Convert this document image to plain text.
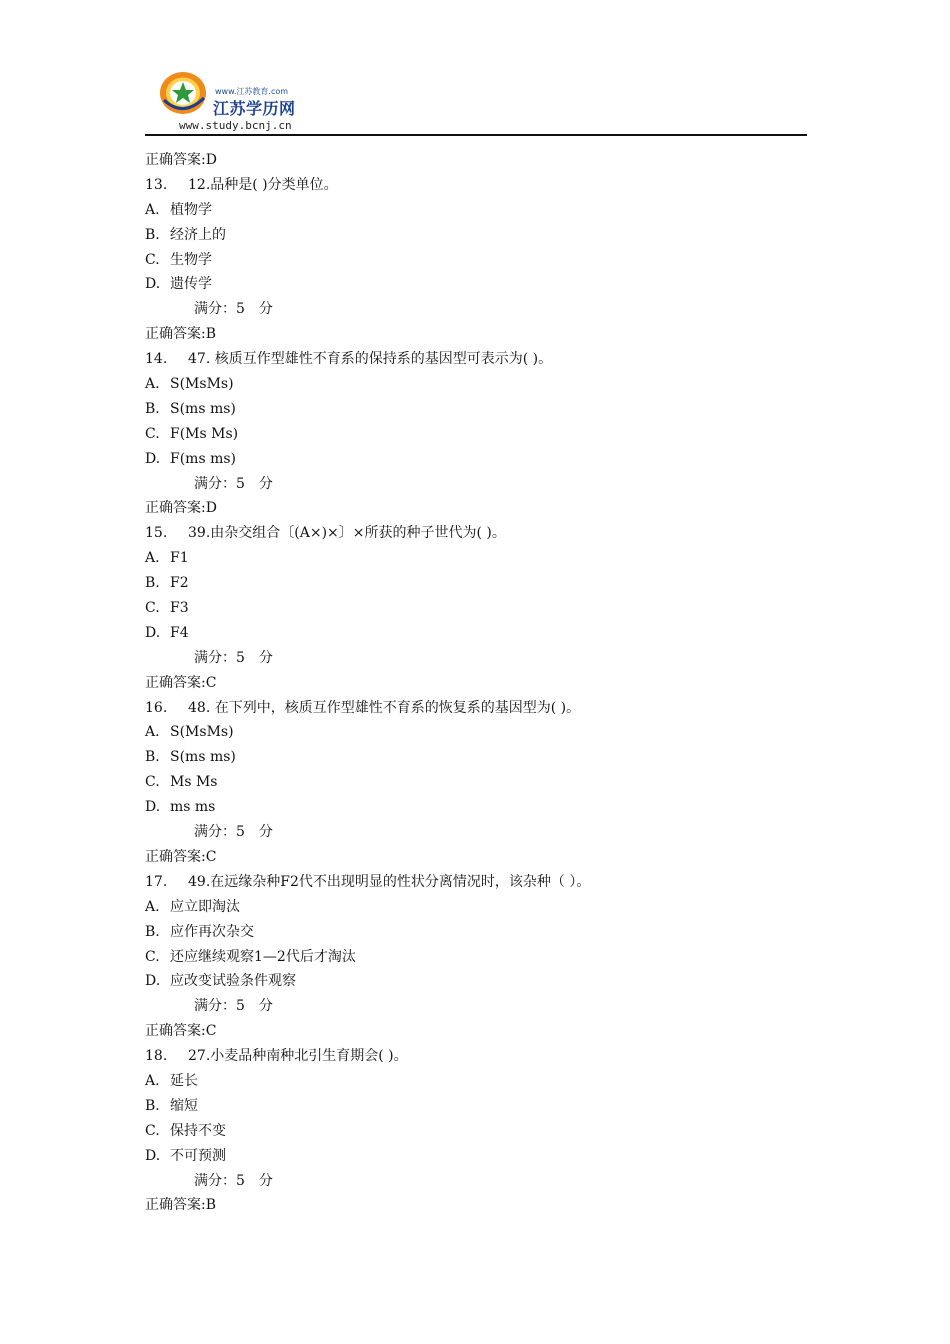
www.江苏教育.com
江苏学历网
www.study.bcnj.cn
正确答案:D
13. 12.品种是( )分类单位。
A. 植物学
B. 经济上的
C. 生物学
D. 遗传学
满分：5　分
正确答案:B
14. 47. 核质互作型雄性不育系的保持系的基因型可表示为( )。
A. S(MsMs)
B. S(ms ms)
C. F(Ms Ms)
D. F(ms ms)
满分：5　分
正确答案:D
15. 39.由杂交组合〔(A×)×〕×所获的种子世代为( )。
A. F1
B. F2
C. F3
D. F4
满分：5　分
正确答案:C
16. 48. 在下列中，核质互作型雄性不育系的恢复系的基因型为( )。
A. S(MsMs)
B. S(ms ms)
C. Ms Ms
D. ms ms
满分：5　分
正确答案:C
17. 49.在远缘杂种F2代不出现明显的性状分离情况时，该杂种（ ）。
A. 应立即淘汰
B. 应作再次杂交
C. 还应继续观察1—2代后才淘汰
D. 应改变试验条件观察
满分：5　分
正确答案:C
18. 27.小麦品种南种北引生育期会( )。
A. 延长
B. 缩短
C. 保持不变
D. 不可预测
满分：5　分
正确答案:B
